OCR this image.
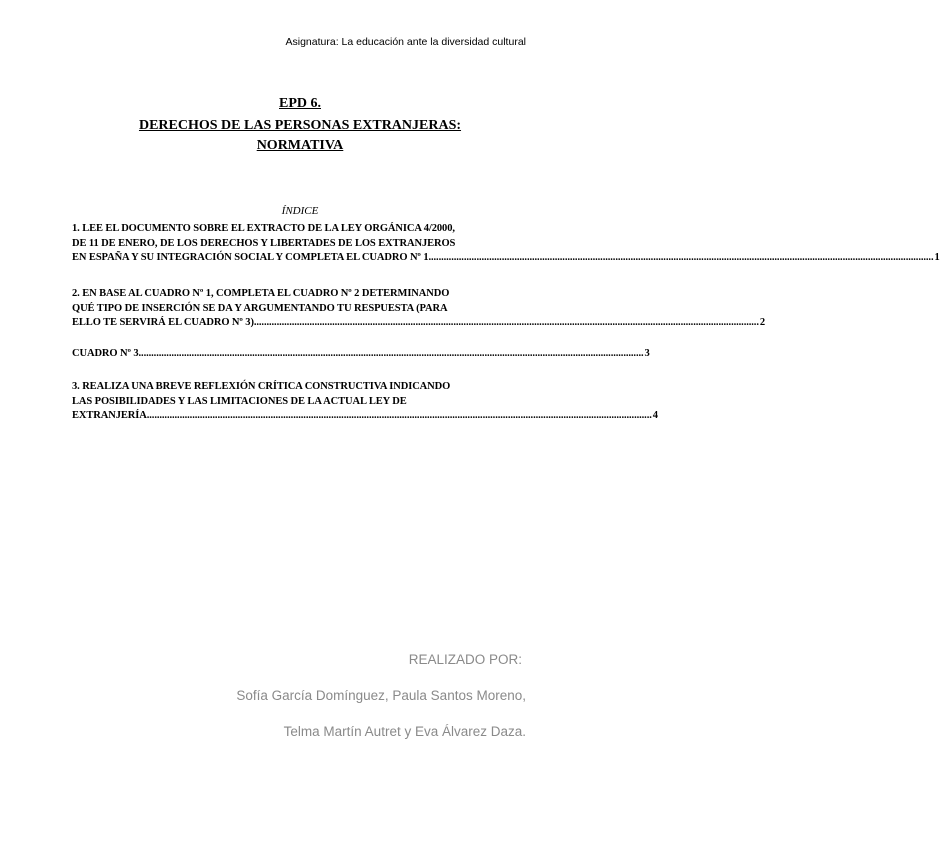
Asignatura: La educación ante la diversidad cultural
EPD 6.
DERECHOS DE LAS PERSONAS EXTRANJERAS:
NORMATIVA
ÍNDICE
1. LEE EL DOCUMENTO SOBRE EL EXTRACTO DE LA LEY ORGÁNICA 4/2000,
DE 11 DE ENERO, DE LOS DERECHOS Y LIBERTADES DE LOS EXTRANJEROS
EN ESPAÑA Y SU INTEGRACIÓN SOCIAL Y COMPLETA EL CUADRO Nº 1 ........................................................................................................................................................................................................ 1
2. EN BASE AL CUADRO Nº 1, COMPLETA EL CUADRO Nº 2 DETERMINANDO
QUÉ TIPO DE INSERCIÓN SE DA Y ARGUMENTANDO TU RESPUESTA (PARA
ELLO TE SERVIRÁ EL CUADRO Nº 3) ........................................................................................................................................................................................................ 2
CUADRO Nº 3 ........................................................................................................................................................................................................ 3
3. REALIZA UNA BREVE REFLEXIÓN CRÍTICA CONSTRUCTIVA INDICANDO
LAS POSIBILIDADES Y LAS LIMITACIONES DE LA ACTUAL LEY DE
EXTRANJERÍA ........................................................................................................................................................................................................ 4
REALIZADO POR:
Sofía García Domínguez, Paula Santos Moreno,
Telma Martín Autret y Eva Álvarez Daza.
